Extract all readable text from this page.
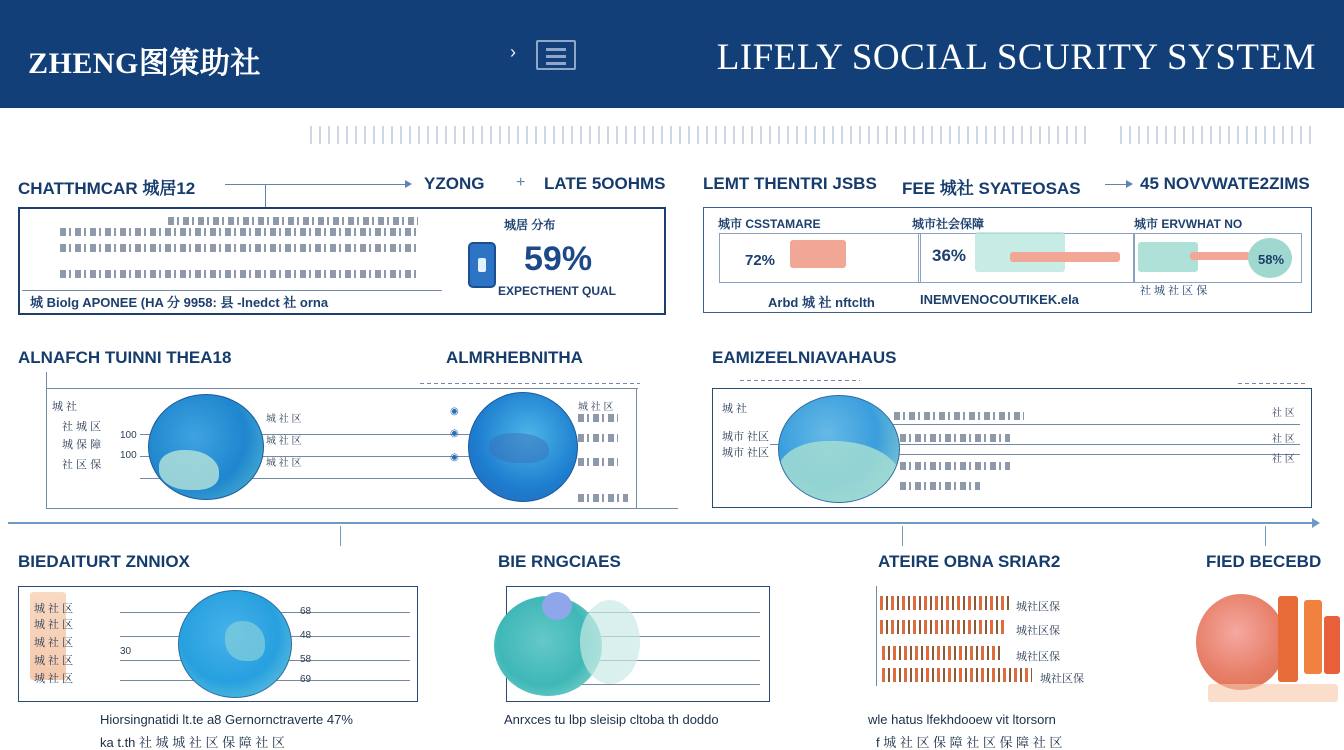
ZHENG图策助社	›	LIFELY SOCIAL SCURITY SYSTEM
CHATTHMCAR 城居12	YZONG + LATE 5OOHMS
城 Biolg APONEE (HA 分 9958: 县 -lnedct 社 orna
城居 分布
59%
EXPECTHENT QUAL
LEMT THENTRI JSBS FEE 城社 SYATEOSAS	45 NOVVWATE2ZIMS
城市 CSSTAMARE	城市社会保障	城市 ERVWHAT NO
72%	36%	58%
Arbd 城 社 nftclth	INEMVENOCOUTIKEK.ela
社 城 社 区 保
ALNAFCH TUINNI THEA18	ALMRHEBNITHA
城 社
社 城 区
城 保 障
社 区 保
100
100
城 社 区
城 社 区
城 社 区
◉
◉
◉
城 社 区
EAMIZEELNIAVAHAUS
城 社
城市 社区
城市 社区
社 区
社 区
社 区
BIEDAITURT ZNNIOX
城 社 区
城 社 区
城 社 区
城 社 区
城 社 区
68
48
58
69
30
Hiorsingnatidi lt.te a8 Gernornctraverte 47%
ka t.th 社 城 城 社 区 保 障 社 区
BIE RNGCIAES
Anrxces tu lbp sleisip cltoba th doddo
ATEIRE OBNA SRIAR2
城社区保
城社区保
城社区保
城社区保
wle hatus lfekhdooew vit ltorsorn
f 城 社 区 保 障 社 区 保 障 社 区
FIED BECEBD
